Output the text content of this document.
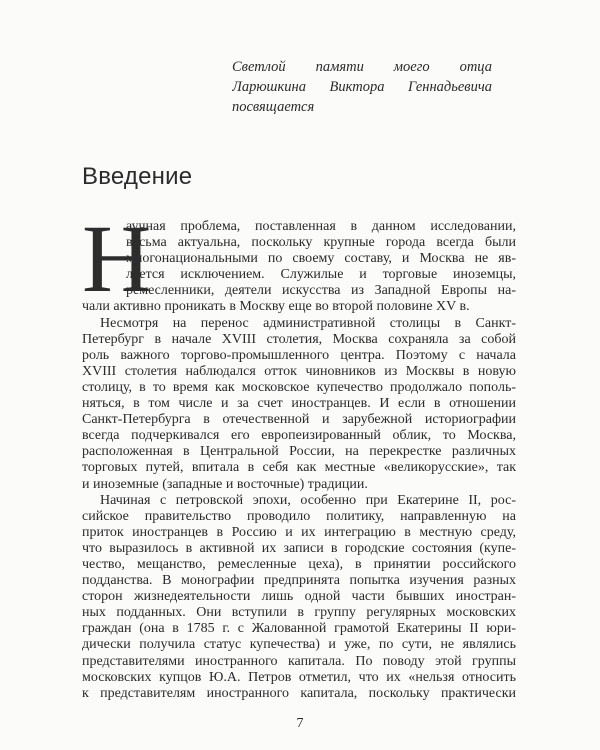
Светлой памяти моего отца
Ларюшкина Виктора Геннадьевича
посвящается
Введение
Н
аучная проблема, поставленная в данном исследовании,
весьма актуальна, поскольку крупные города всегда были
многонациональными по своему составу, и Москва не яв-
ляется исключением. Служилые и торговые иноземцы,
ремесленники, деятели искусства из Западной Европы на-
чали активно проникать в Москву еще во второй половине XV в.
Несмотря на перенос административной столицы в Санкт-
Петербург в начале XVIII столетия, Москва сохраняла за собой
роль важного торгово-промышленного центра. Поэтому с начала
XVIII столетия наблюдался отток чиновников из Москвы в новую
столицу, в то время как московское купечество продолжало пополь-
няться, в том числе и за счет иностранцев. И если в отношении
Санкт-Петербурга в отечественной и зарубежной историографии
всегда подчеркивался его европеизированный облик, то Москва,
расположенная в Центральной России, на перекрестке различных
торговых путей, впитала в себя как местные «великорусские», так
и иноземные (западные и восточные) традиции.
Начиная с петровской эпохи, особенно при Екатерине II, рос-
сийское правительство проводило политику, направленную на
приток иностранцев в Россию и их интеграцию в местную среду,
что выразилось в активной их записи в городские состояния (купе-
чество, мещанство, ремесленные цеха), в принятии российского
подданства. В монографии предпринята попытка изучения разных
сторон жизнедеятельности лишь одной части бывших иностран-
ных подданных. Они вступили в группу регулярных московских
граждан (она в 1785 г. с Жалованной грамотой Екатерины II юри-
дически получила статус купечества) и уже, по сути, не являлись
представителями иностранного капитала. По поводу этой группы
московских купцов Ю.А. Петров отметил, что их «нельзя относить
к представителям иностранного капитала, поскольку практически
7
